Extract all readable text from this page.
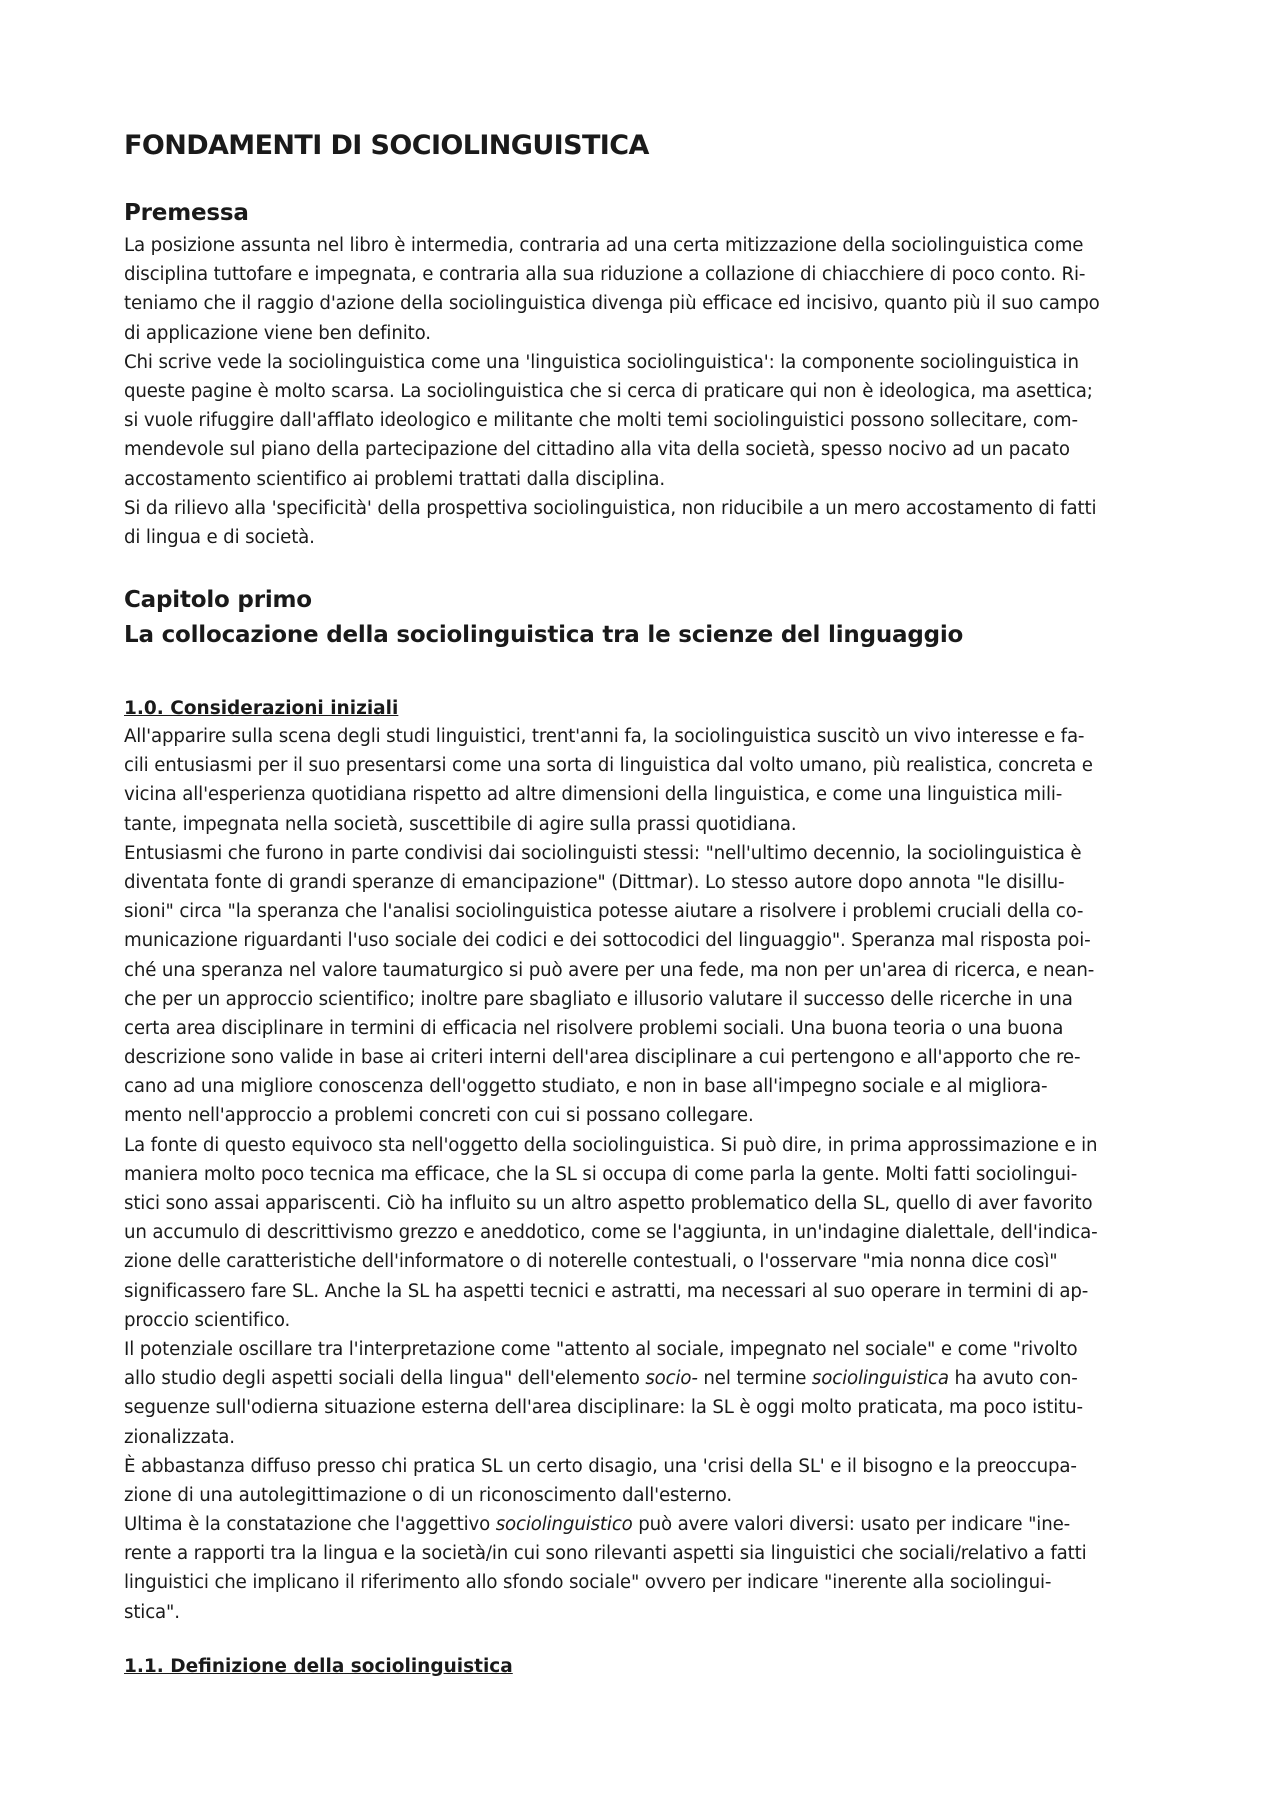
FONDAMENTI DI SOCIOLINGUISTICA
Premessa
La posizione assunta nel libro è intermedia, contraria ad una certa mitizzazione della sociolinguistica come
disciplina tuttofare e impegnata, e contraria alla sua riduzione a collazione di chiacchiere di poco conto. Ri-
teniamo che il raggio d'azione della sociolinguistica divenga più efficace ed incisivo, quanto più il suo campo
di applicazione viene ben definito.
Chi scrive vede la sociolinguistica come una 'linguistica sociolinguistica': la componente sociolinguistica in
queste pagine è molto scarsa. La sociolinguistica che si cerca di praticare qui non è ideologica, ma asettica;
si vuole rifuggire dall'afflato ideologico e militante che molti temi sociolinguistici possono sollecitare, com-
mendevole sul piano della partecipazione del cittadino alla vita della società, spesso nocivo ad un pacato
accostamento scientifico ai problemi trattati dalla disciplina.
Si da rilievo alla 'specificità' della prospettiva sociolinguistica, non riducibile a un mero accostamento di fatti
di lingua e di società.
Capitolo primo
La collocazione della sociolinguistica tra le scienze del linguaggio
1.0. Considerazioni iniziali
All'apparire sulla scena degli studi linguistici, trent'anni fa, la sociolinguistica suscitò un vivo interesse e fa-
cili entusiasmi per il suo presentarsi come una sorta di linguistica dal volto umano, più realistica, concreta e
vicina all'esperienza quotidiana rispetto ad altre dimensioni della linguistica, e come una linguistica mili-
tante, impegnata nella società, suscettibile di agire sulla prassi quotidiana.
Entusiasmi che furono in parte condivisi dai sociolinguisti stessi: "nell'ultimo decennio, la sociolinguistica è
diventata fonte di grandi speranze di emancipazione" (Dittmar). Lo stesso autore dopo annota "le disillu-
sioni" circa "la speranza che l'analisi sociolinguistica potesse aiutare a risolvere i problemi cruciali della co-
municazione riguardanti l'uso sociale dei codici e dei sottocodici del linguaggio". Speranza mal risposta poi-
ché una speranza nel valore taumaturgico si può avere per una fede, ma non per un'area di ricerca, e nean-
che per un approccio scientifico; inoltre pare sbagliato e illusorio valutare il successo delle ricerche in una
certa area disciplinare in termini di efficacia nel risolvere problemi sociali. Una buona teoria o una buona
descrizione sono valide in base ai criteri interni dell'area disciplinare a cui pertengono e all'apporto che re-
cano ad una migliore conoscenza dell'oggetto studiato, e non in base all'impegno sociale e al migliora-
mento nell'approccio a problemi concreti con cui si possano collegare.
La fonte di questo equivoco sta nell'oggetto della sociolinguistica. Si può dire, in prima approssimazione e in
maniera molto poco tecnica ma efficace, che la SL si occupa di come parla la gente. Molti fatti sociolingui-
stici sono assai appariscenti. Ciò ha influito su un altro aspetto problematico della SL, quello di aver favorito
un accumulo di descrittivismo grezzo e aneddotico, come se l'aggiunta, in un'indagine dialettale, dell'indica-
zione delle caratteristiche dell'informatore o di noterelle contestuali, o l'osservare "mia nonna dice così"
significassero fare SL. Anche la SL ha aspetti tecnici e astratti, ma necessari al suo operare in termini di ap-
proccio scientifico.
Il potenziale oscillare tra l'interpretazione come "attento al sociale, impegnato nel sociale" e come "rivolto
allo studio degli aspetti sociali della lingua" dell'elemento socio- nel termine sociolinguistica ha avuto con-
seguenze sull'odierna situazione esterna dell'area disciplinare: la SL è oggi molto praticata, ma poco istitu-
zionalizzata.
È abbastanza diffuso presso chi pratica SL un certo disagio, una 'crisi della SL' e il bisogno e la preoccupa-
zione di una autolegittimazione o di un riconoscimento dall'esterno.
Ultima è la constatazione che l'aggettivo sociolinguistico può avere valori diversi: usato per indicare "ine-
rente a rapporti tra la lingua e la società/in cui sono rilevanti aspetti sia linguistici che sociali/relativo a fatti
linguistici che implicano il riferimento allo sfondo sociale" ovvero per indicare "inerente alla sociolingui-
stica".
1.1. Definizione della sociolinguistica
